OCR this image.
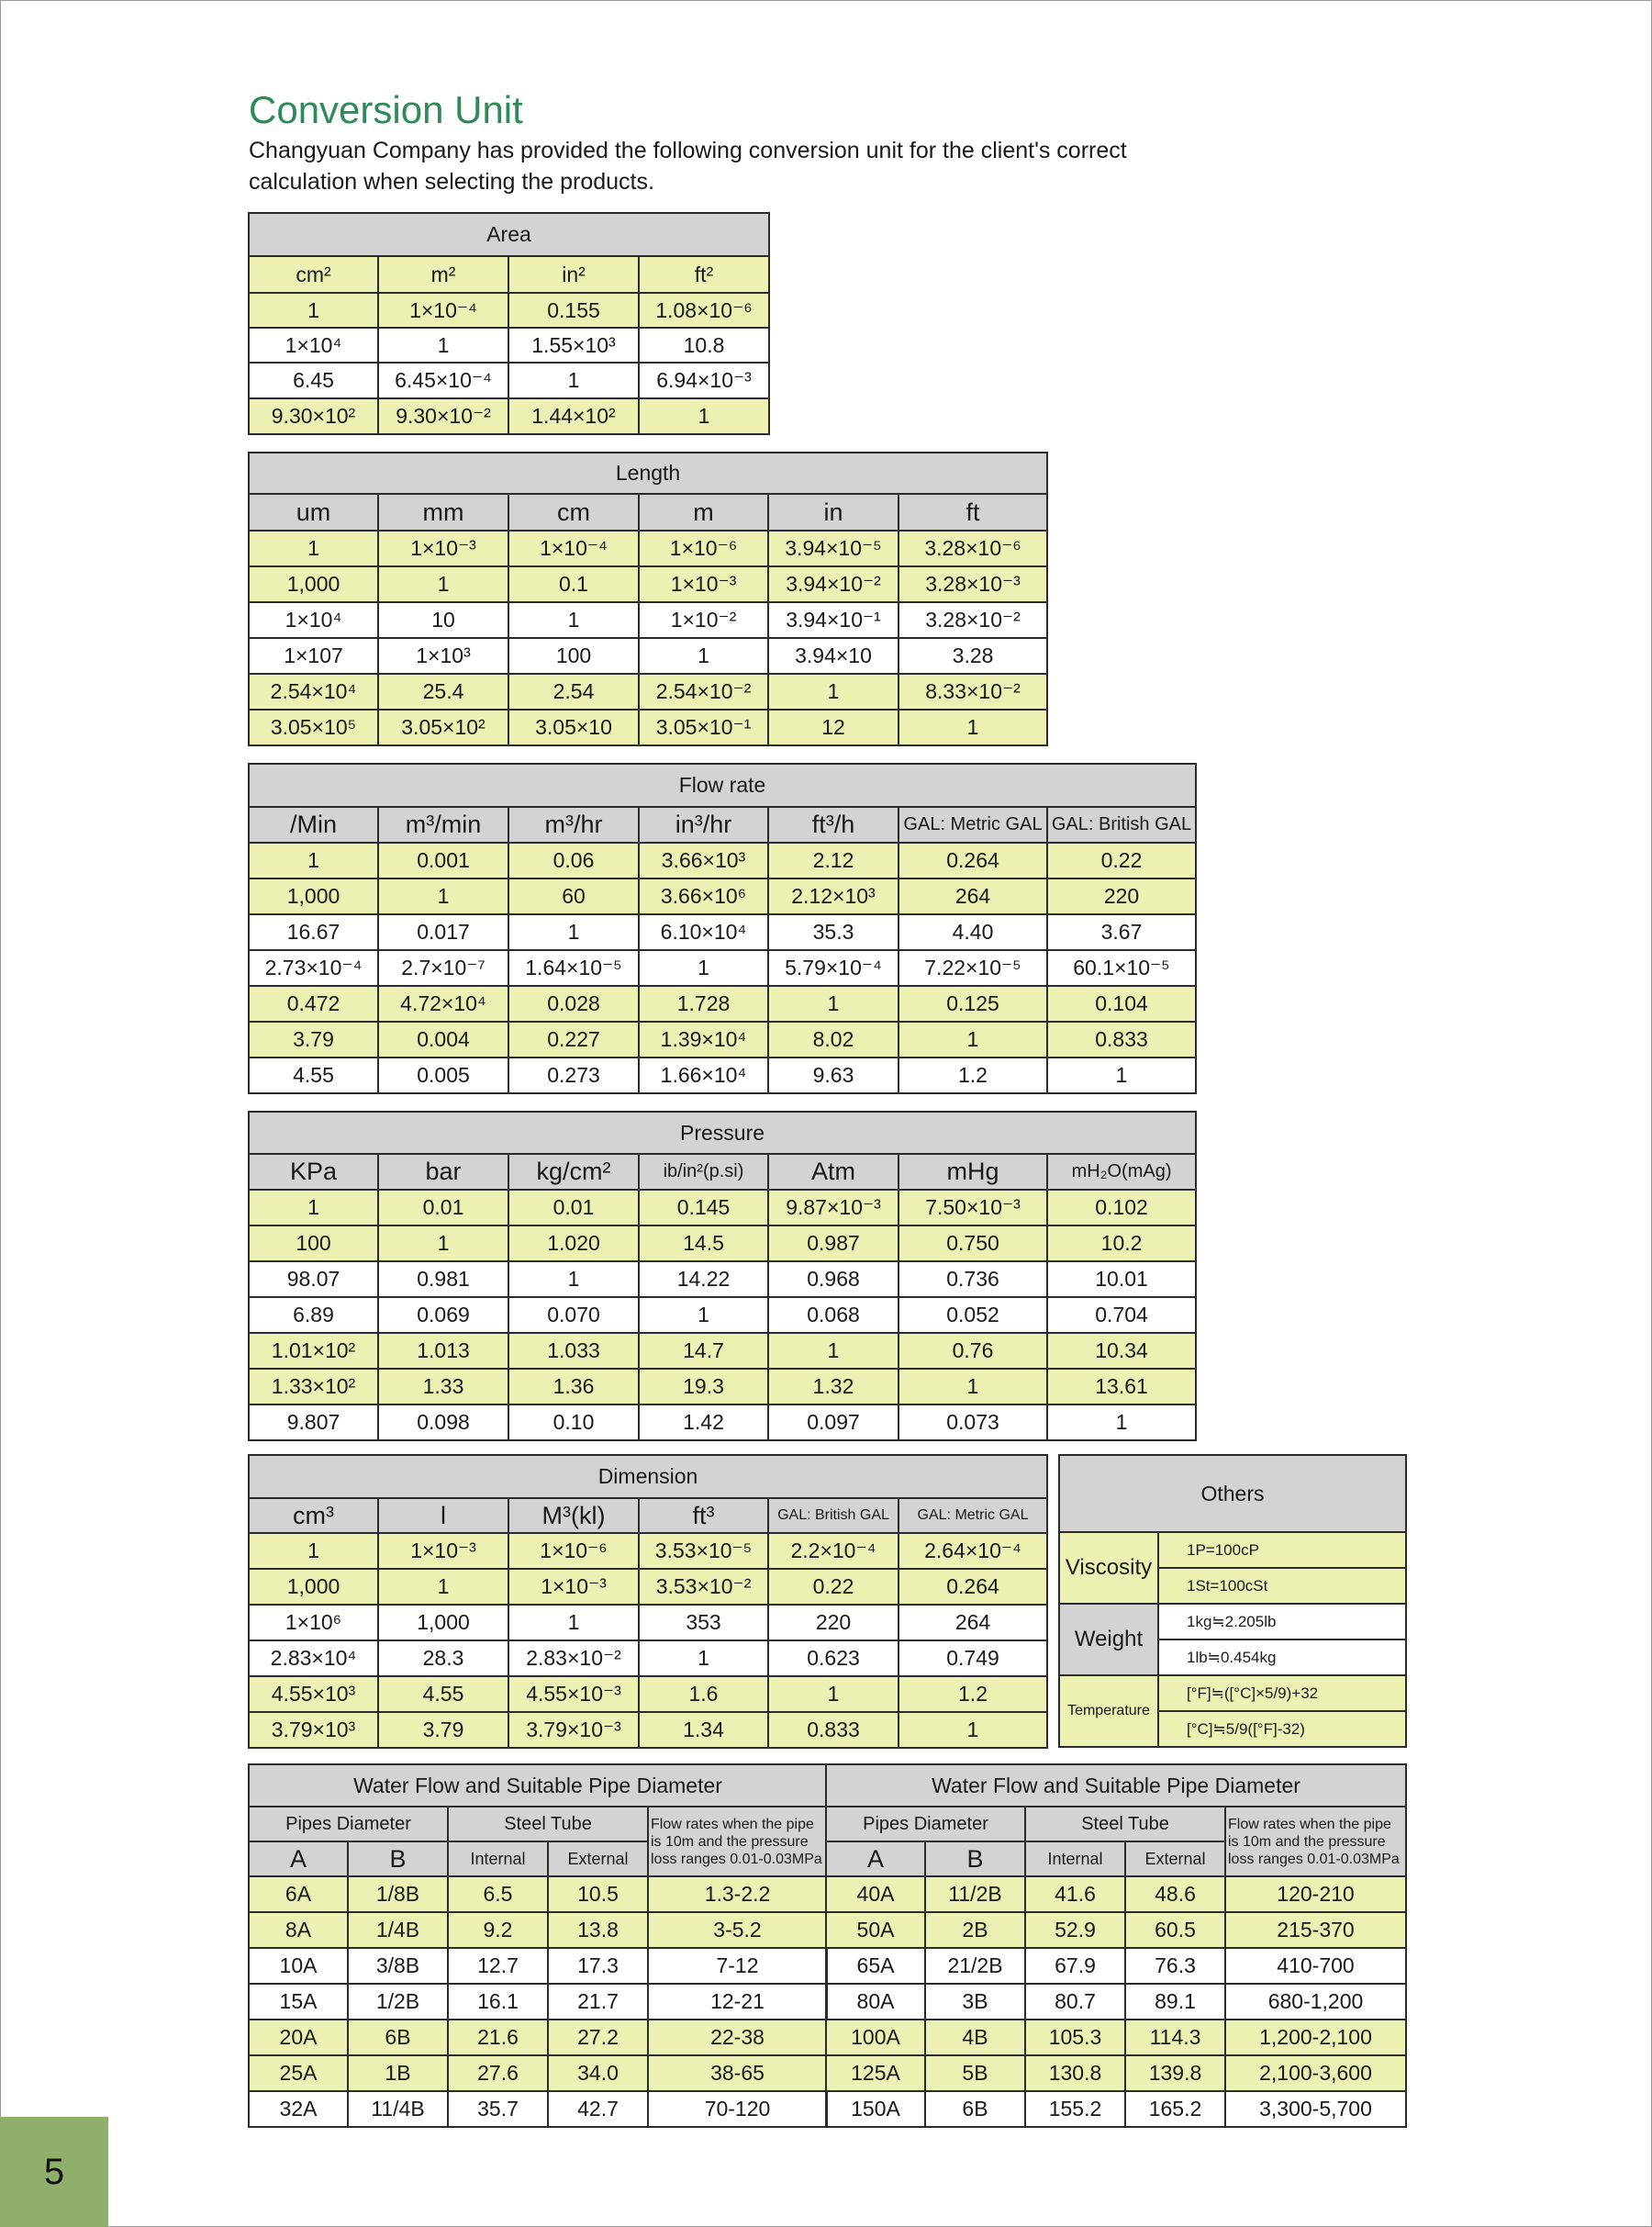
Conversion Unit
Changyuan Company has provided the following conversion unit for the client's correct calculation when selecting the products.
Area			
cm²	m²	in²	ft²
1	1×10⁻⁴	0.155	1.08×10⁻⁶
1×10⁴	1	1.55×10³	10.8
6.45	6.45×10⁻⁴	1	6.94×10⁻³
9.30×10²	9.30×10⁻²	1.44×10²	1
Length					
um	mm	cm	m	in	ft
1	1×10⁻³	1×10⁻⁴	1×10⁻⁶	3.94×10⁻⁵	3.28×10⁻⁶
1,000	1	0.1	1×10⁻³	3.94×10⁻²	3.28×10⁻³
1×10⁴	10	1	1×10⁻²	3.94×10⁻¹	3.28×10⁻²
1×107	1×10³	100	1	3.94×10	3.28
2.54×10⁴	25.4	2.54	2.54×10⁻²	1	8.33×10⁻²
3.05×10⁵	3.05×10²	3.05×10	3.05×10⁻¹	12	1
Flow rate						
/Min	m³/min	m³/hr	in³/hr	ft³/h	GAL: Metric GAL	GAL: British GAL
1	0.001	0.06	3.66×10³	2.12	0.264	0.22
1,000	1	60	3.66×10⁶	2.12×10³	264	220
16.67	0.017	1	6.10×10⁴	35.3	4.40	3.67
2.73×10⁻⁴	2.7×10⁻⁷	1.64×10⁻⁵	1	5.79×10⁻⁴	7.22×10⁻⁵	60.1×10⁻⁵
0.472	4.72×10⁴	0.028	1.728	1	0.125	0.104
3.79	0.004	0.227	1.39×10⁴	8.02	1	0.833
4.55	0.005	0.273	1.66×10⁴	9.63	1.2	1
Pressure						
KPa	bar	kg/cm²	ib/in²(p.si)	Atm	mHg	mH₂O(mAg)
1	0.01	0.01	0.145	9.87×10⁻³	7.50×10⁻³	0.102
100	1	1.020	14.5	0.987	0.750	10.2
98.07	0.981	1	14.22	0.968	0.736	10.01
6.89	0.069	0.070	1	0.068	0.052	0.704
1.01×10²	1.013	1.033	14.7	1	0.76	10.34
1.33×10²	1.33	1.36	19.3	1.32	1	13.61
9.807	0.098	0.10	1.42	0.097	0.073	1
Dimension					
cm³	l	M³(kl)	ft³	GAL: British GAL	GAL: Metric GAL
1	1×10⁻³	1×10⁻⁶	3.53×10⁻⁵	2.2×10⁻⁴	2.64×10⁻⁴
1,000	1	1×10⁻³	3.53×10⁻²	0.22	0.264
1×10⁶	1,000	1	353	220	264
2.83×10⁴	28.3	2.83×10⁻²	1	0.623	0.749
4.55×10³	4.55	4.55×10⁻³	1.6	1	1.2
3.79×10³	3.79	3.79×10⁻³	1.34	0.833	1
Others	
Viscosity	1P=100cP
	1St=100cSt
Weight	1kg≒2.205lb
	1lb≒0.454kg
Temperature	[°F]≒([°C]×5/9)+32
	[°C]≒5/9([°F]-32)
Water Flow and Suitable Pipe Diameter				
Pipes Diameter		Steel Tube		Flow rates when the pipe is 10m and the pressure loss ranges 0.01-0.03MPa
A	B	Internal	External	
6A	1/8B	6.5	10.5	1.3-2.2
8A	1/4B	9.2	13.8	3-5.2
10A	3/8B	12.7	17.3	7-12
15A	1/2B	16.1	21.7	12-21
20A	6B	21.6	27.2	22-38
25A	1B	27.6	34.0	38-65
32A	11/4B	35.7	42.7	70-120
Water Flow and Suitable Pipe Diameter				
Pipes Diameter		Steel Tube		Flow rates when the pipe is 10m and the pressure loss ranges 0.01-0.03MPa
A	B	Internal	External	
40A	11/2B	41.6	48.6	120-210
50A	2B	52.9	60.5	215-370
65A	21/2B	67.9	76.3	410-700
80A	3B	80.7	89.1	680-1,200
100A	4B	105.3	114.3	1,200-2,100
125A	5B	130.8	139.8	2,100-3,600
150A	6B	155.2	165.2	3,300-5,700
5
